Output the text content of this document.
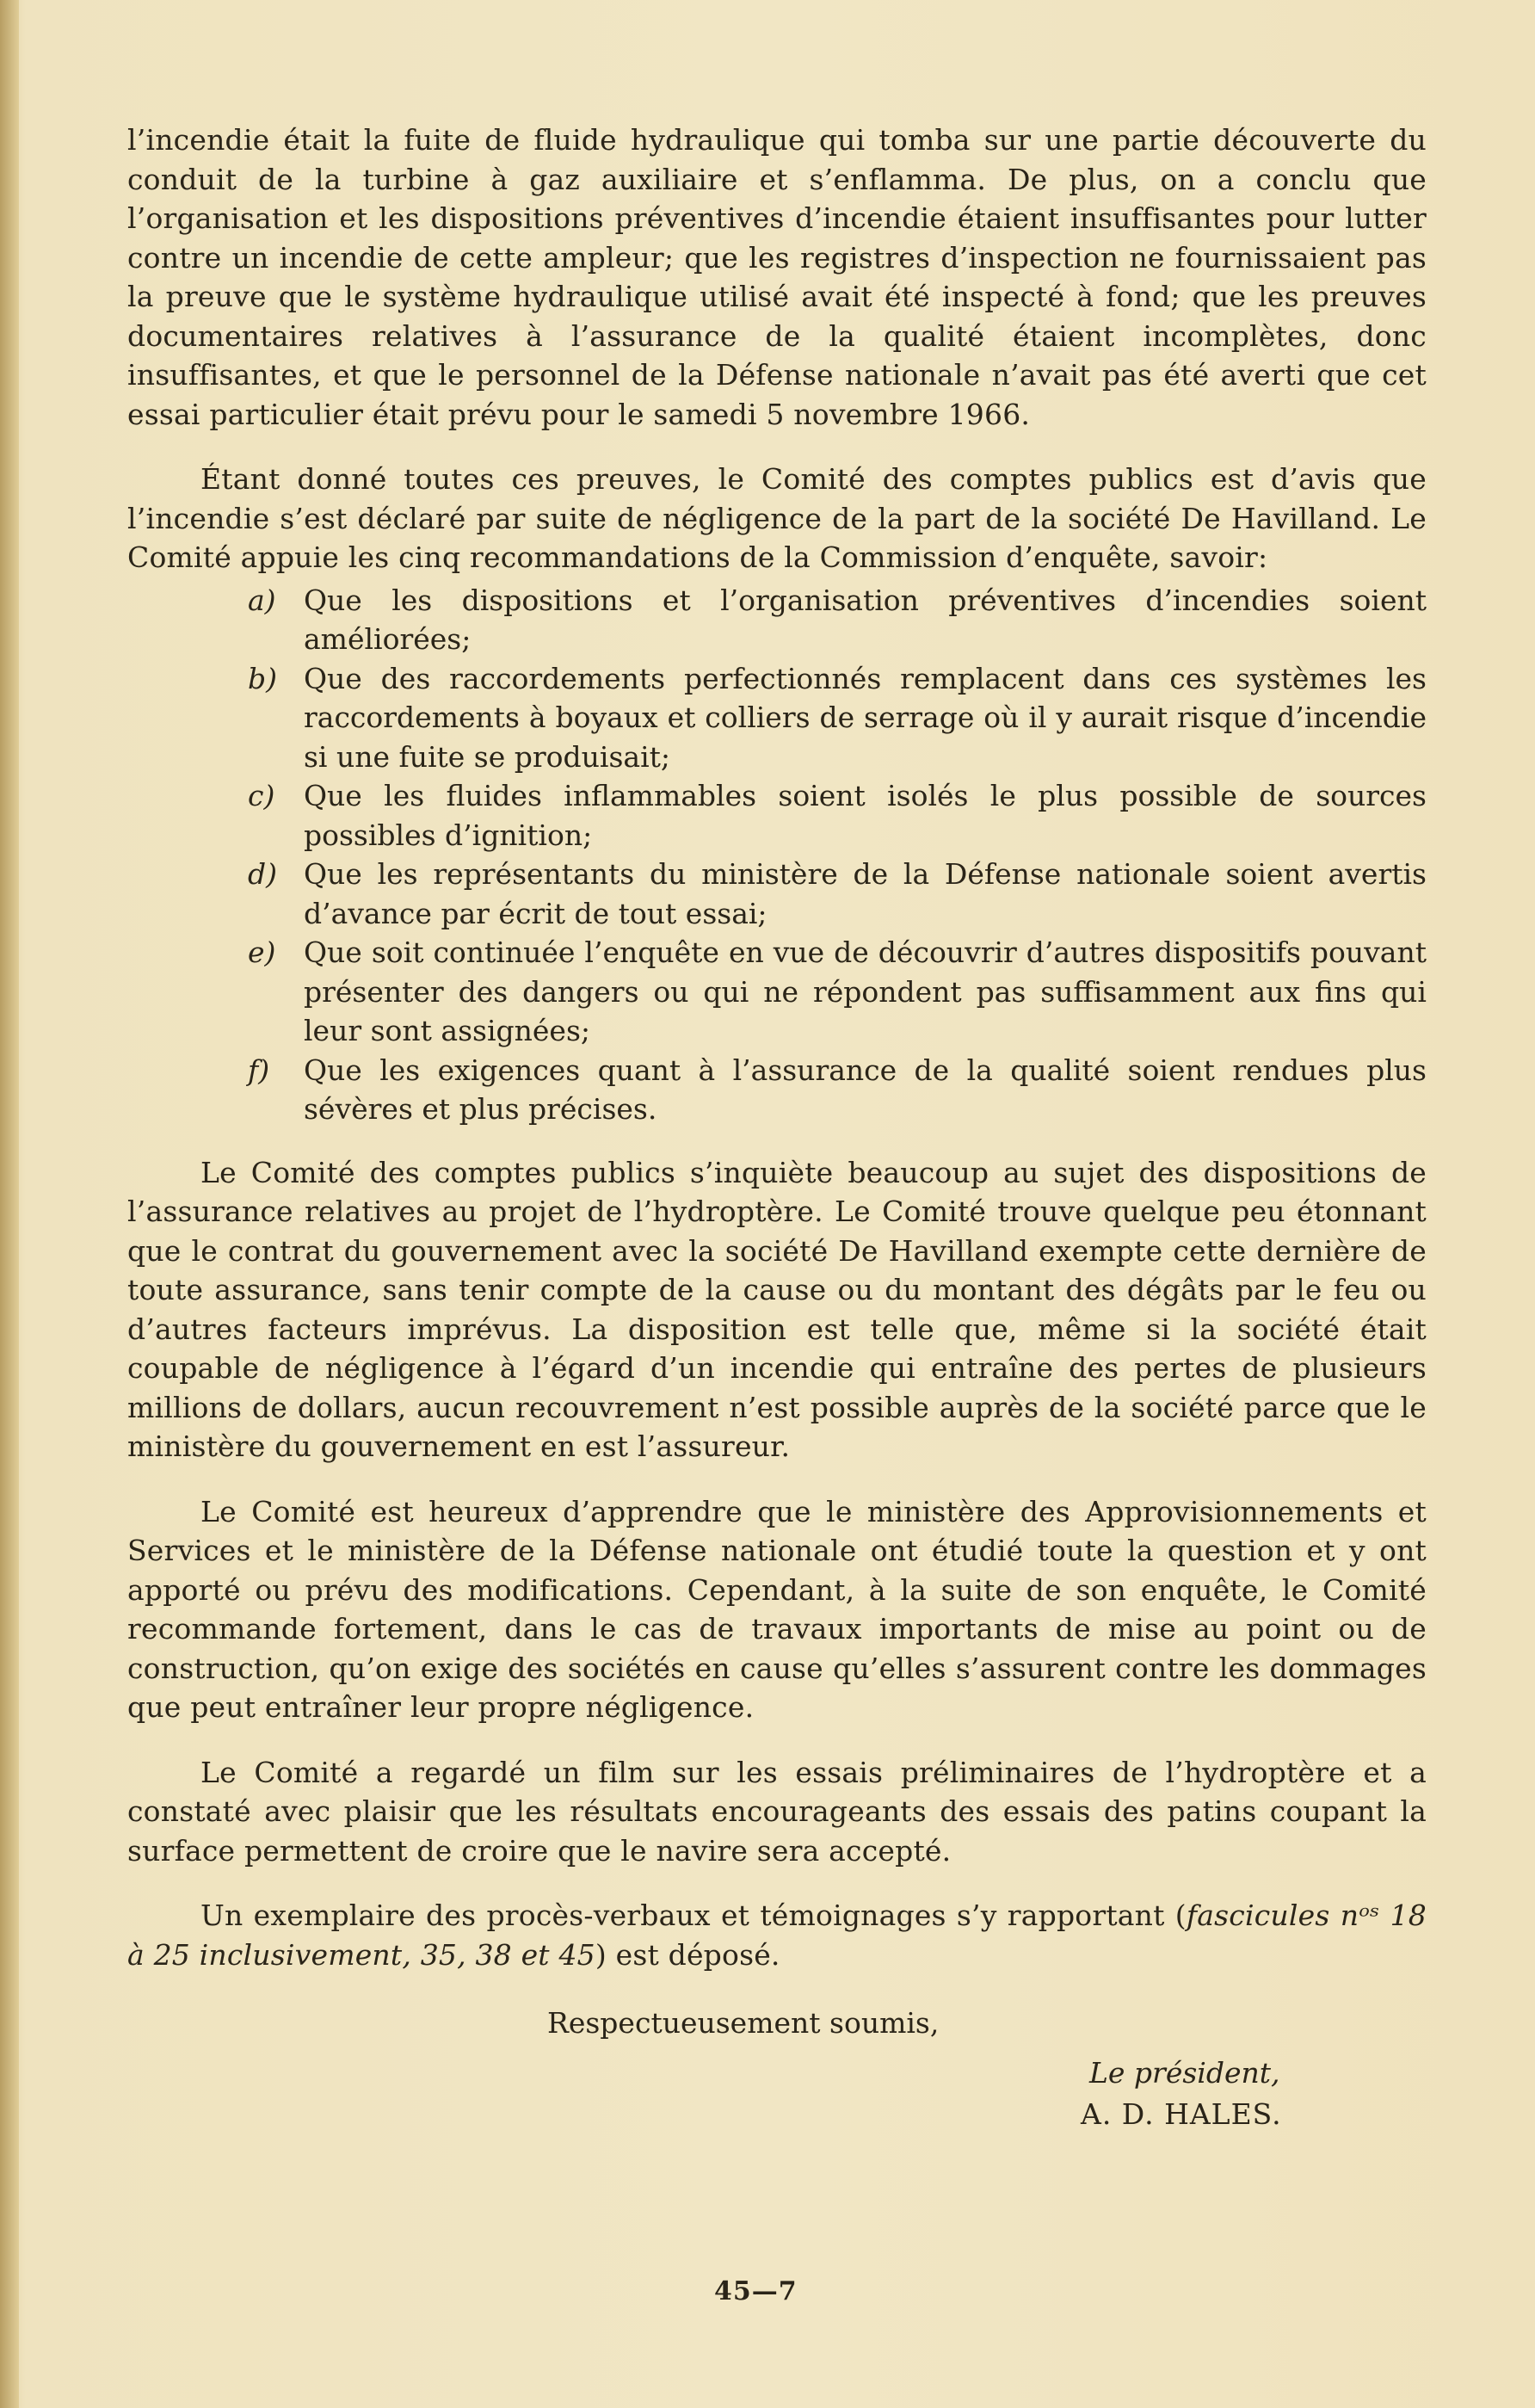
l’incendie était la fuite de fluide hydraulique qui tomba sur une partie découverte du conduit de la turbine à gaz auxiliaire et s’enflamma. De plus, on a conclu que l’organisation et les dispositions préventives d’incendie étaient insuffisantes pour lutter contre un incendie de cette ampleur; que les registres d’inspection ne fournissaient pas la preuve que le système hydraulique utilisé avait été inspecté à fond; que les preuves documentaires relatives à l’assurance de la qualité étaient incomplètes, donc insuffisantes, et que le personnel de la Défense nationale n’avait pas été averti que cet essai particulier était prévu pour le samedi 5 novembre 1966.

Étant donné toutes ces preuves, le Comité des comptes publics est d’avis que l’incendie s’est déclaré par suite de négligence de la part de la société De Havilland. Le Comité appuie les cinq recommandations de la Commission d’enquête, savoir:

a) Que les dispositions et l’organisation préventives d’incendies soient améliorées;
b) Que des raccordements perfectionnés remplacent dans ces systèmes les raccordements à boyaux et colliers de serrage où il y aurait risque d’incendie si une fuite se produisait;
c) Que les fluides inflammables soient isolés le plus possible de sources possibles d’ignition;
d) Que les représentants du ministère de la Défense nationale soient avertis d’avance par écrit de tout essai;
e) Que soit continuée l’enquête en vue de découvrir d’autres dispositifs pouvant présenter des dangers ou qui ne répondent pas suffisamment aux fins qui leur sont assignées;
f) Que les exigences quant à l’assurance de la qualité soient rendues plus sévères et plus précises.

Le Comité des comptes publics s’inquiète beaucoup au sujet des dispositions de l’assurance relatives au projet de l’hydroptère. Le Comité trouve quelque peu étonnant que le contrat du gouvernement avec la société De Havilland exempte cette dernière de toute assurance, sans tenir compte de la cause ou du montant des dégâts par le feu ou d’autres facteurs imprévus. La disposition est telle que, même si la société était coupable de négligence à l’égard d’un incendie qui entraîne des pertes de plusieurs millions de dollars, aucun recouvrement n’est possible auprès de la société parce que le ministère du gouvernement en est l’assureur.

Le Comité est heureux d’apprendre que le ministère des Approvisionnements et Services et le ministère de la Défense nationale ont étudié toute la question et y ont apporté ou prévu des modifications. Cependant, à la suite de son enquête, le Comité recommande fortement, dans le cas de travaux importants de mise au point ou de construction, qu’on exige des sociétés en cause qu’elles s’assurent contre les dommages que peut entraîner leur propre négligence.

Le Comité a regardé un film sur les essais préliminaires de l’hydroptère et a constaté avec plaisir que les résultats encourageants des essais des patins coupant la surface permettent de croire que le navire sera accepté.

Un exemplaire des procès-verbaux et témoignages s’y rapportant (fascicules nᵒˢ 18 à 25 inclusivement, 35, 38 et 45) est déposé.

Respectueusement soumis,
Le président,
A. D. HALES.
45—7
